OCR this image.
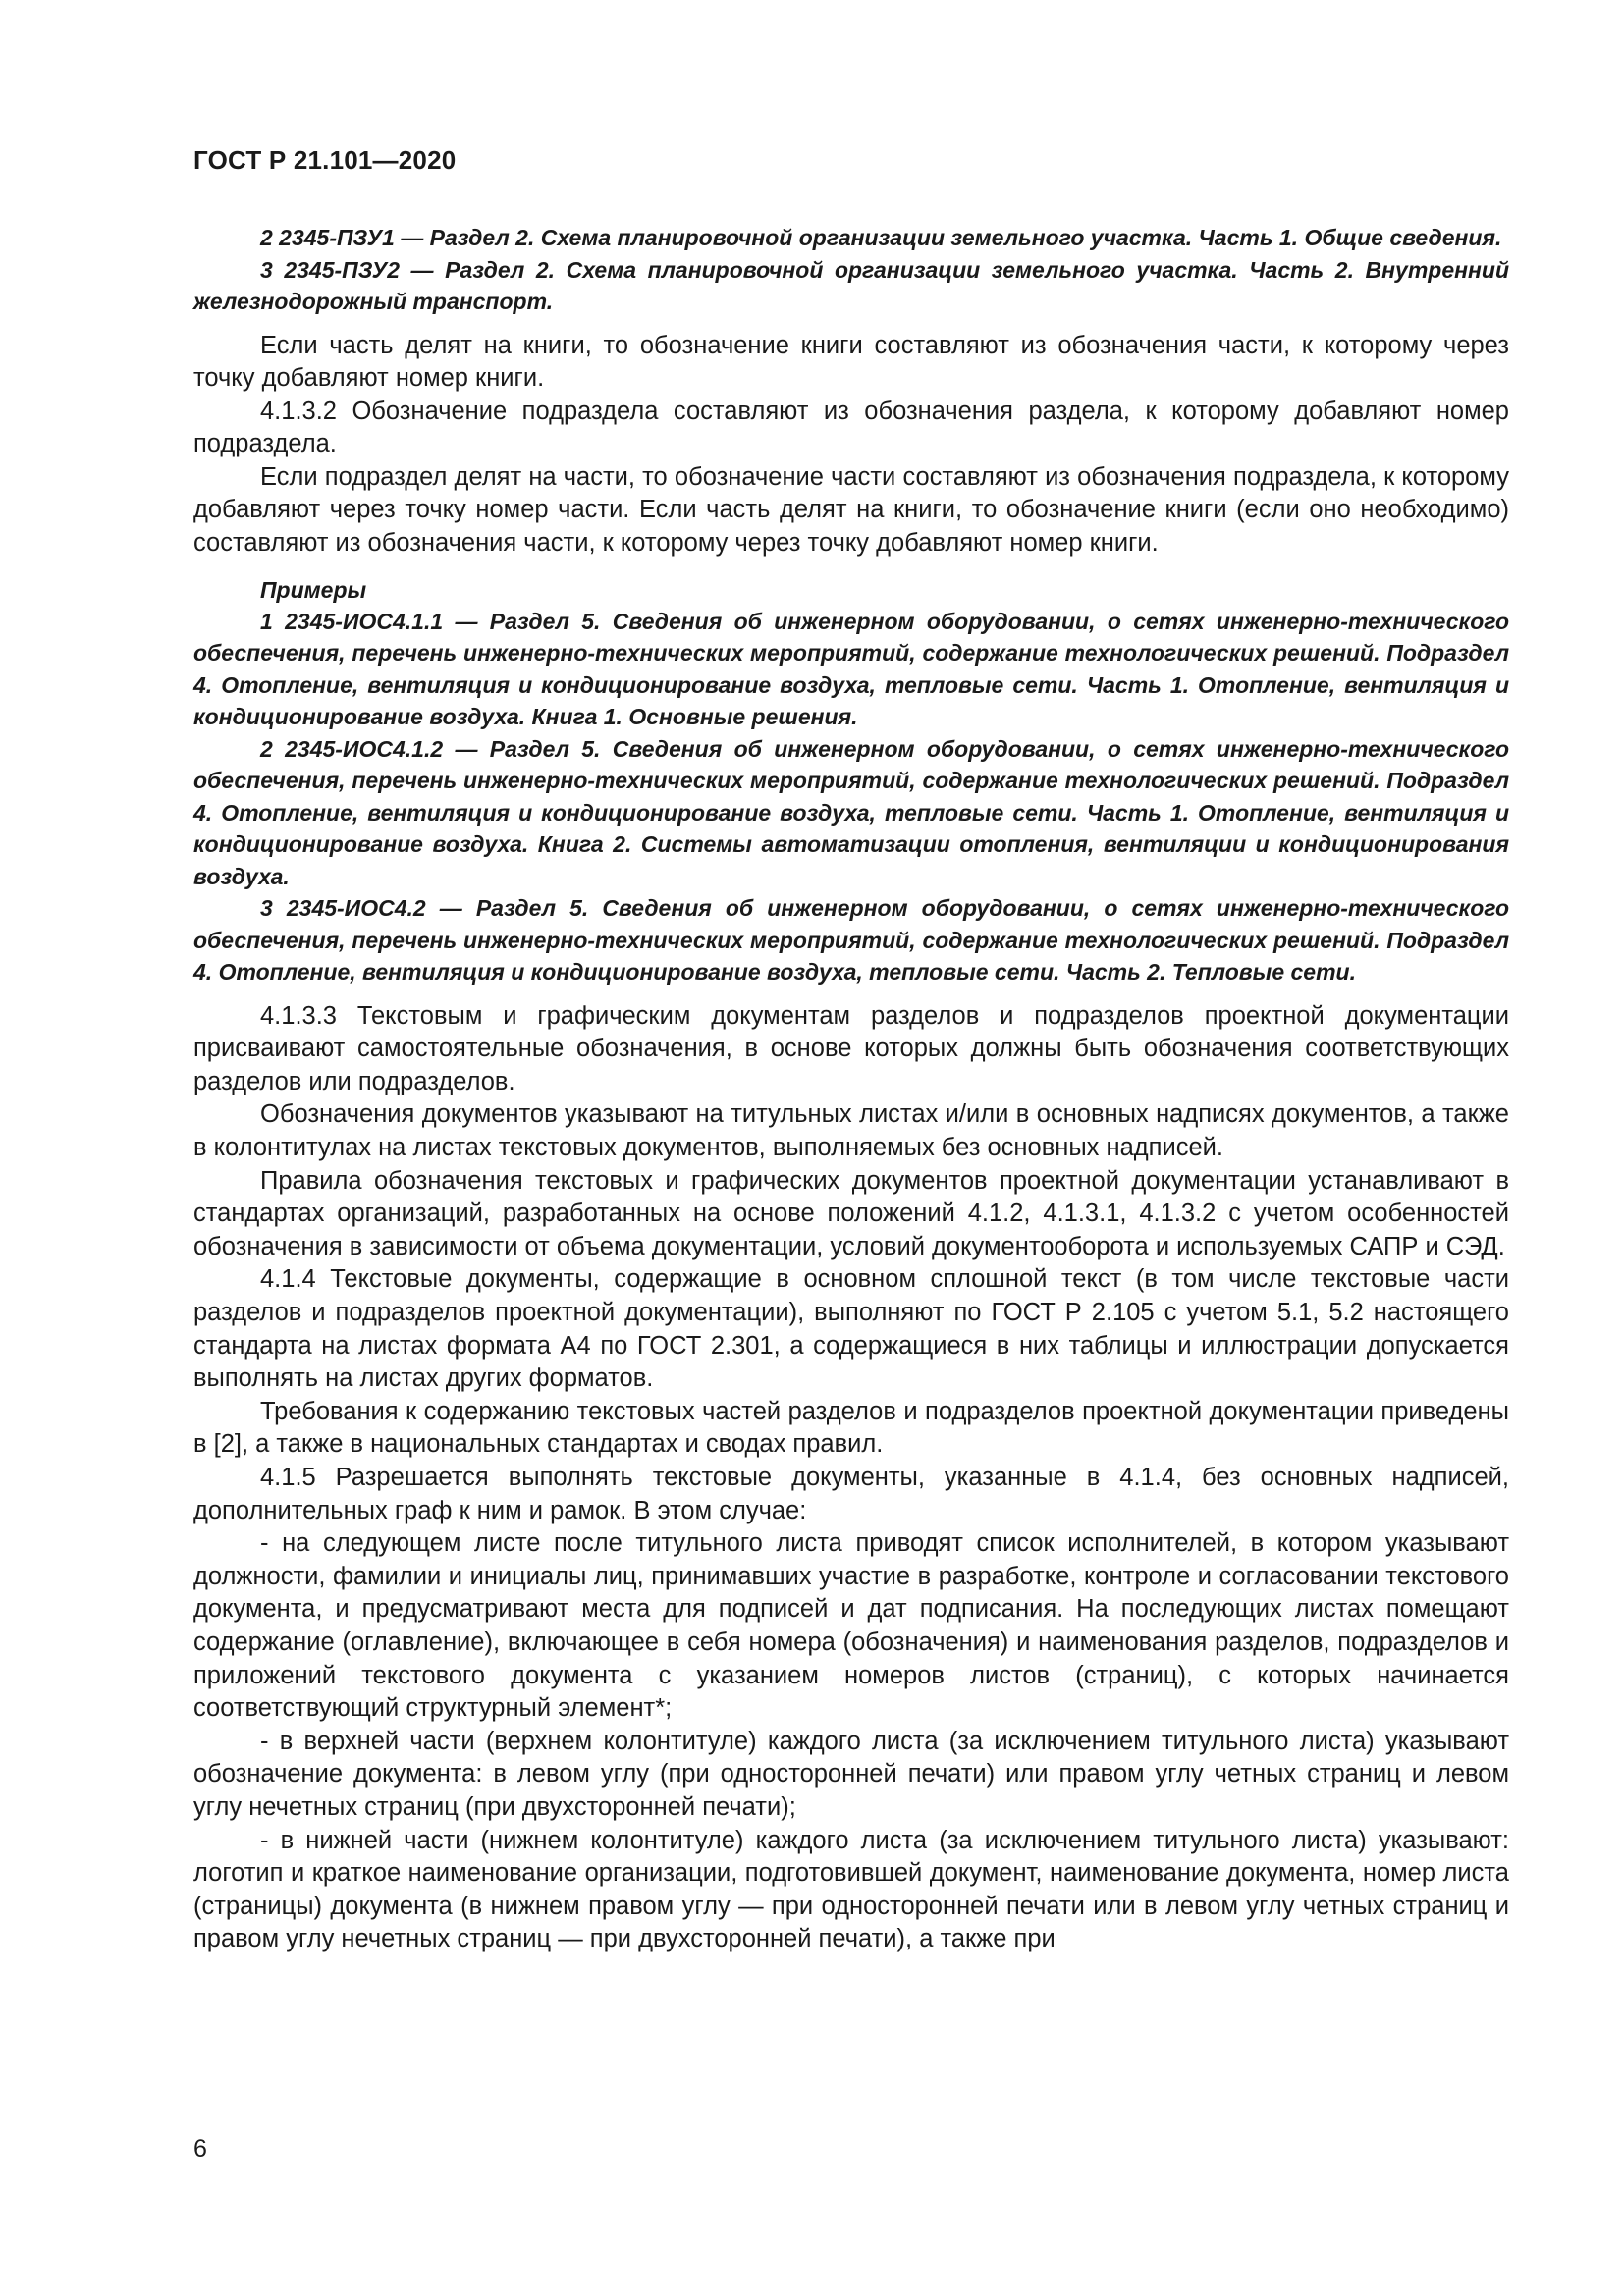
ГОСТ Р 21.101—2020

2 2345-ПЗУ1 — Раздел 2. Схема планировочной организации земельного участка. Часть 1. Общие сведения.

3 2345-ПЗУ2 — Раздел 2. Схема планировочной организации земельного участка. Часть 2. Внутренний железнодорожный транспорт.

Если часть делят на книги, то обозначение книги составляют из обозначения части, к которому через точку добавляют номер книги.

4.1.3.2 Обозначение подраздела составляют из обозначения раздела, к которому добавляют номер подраздела.

Если подраздел делят на части, то обозначение части составляют из обозначения подраздела, к которому добавляют через точку номер части. Если часть делят на книги, то обозначение книги (если оно необходимо) составляют из обозначения части, к которому через точку добавляют номер книги.

Примеры

1 2345-ИОС4.1.1 — Раздел 5. Сведения об инженерном оборудовании, о сетях инженерно-технического обеспечения, перечень инженерно-технических мероприятий, содержание технологических решений. Подраздел 4. Отопление, вентиляция и кондиционирование воздуха, тепловые сети. Часть 1. Отопление, вентиляция и кондиционирование воздуха. Книга 1. Основные решения.

2 2345-ИОС4.1.2 — Раздел 5. Сведения об инженерном оборудовании, о сетях инженерно-технического обеспечения, перечень инженерно-технических мероприятий, содержание технологических решений. Подраздел 4. Отопление, вентиляция и кондиционирование воздуха, тепловые сети. Часть 1. Отопление, вентиляция и кондиционирование воздуха. Книга 2. Системы автоматизации отопления, вентиляции и кондиционирования воздуха.

3 2345-ИОС4.2 — Раздел 5. Сведения об инженерном оборудовании, о сетях инженерно-технического обеспечения, перечень инженерно-технических мероприятий, содержание технологических решений. Подраздел 4. Отопление, вентиляция и кондиционирование воздуха, тепловые сети. Часть 2. Тепловые сети.

4.1.3.3 Текстовым и графическим документам разделов и подразделов проектной документации присваивают самостоятельные обозначения, в основе которых должны быть обозначения соответствующих разделов или подразделов.

Обозначения документов указывают на титульных листах и/или в основных надписях документов, а также в колонтитулах на листах текстовых документов, выполняемых без основных надписей.

Правила обозначения текстовых и графических документов проектной документации устанавливают в стандартах организаций, разработанных на основе положений 4.1.2, 4.1.3.1, 4.1.3.2 с учетом особенностей обозначения в зависимости от объема документации, условий документооборота и используемых САПР и СЭД.

4.1.4 Текстовые документы, содержащие в основном сплошной текст (в том числе текстовые части разделов и подразделов проектной документации), выполняют по ГОСТ Р 2.105 с учетом 5.1, 5.2 настоящего стандарта на листах формата А4 по ГОСТ 2.301, а содержащиеся в них таблицы и иллюстрации допускается выполнять на листах других форматов.

Требования к содержанию текстовых частей разделов и подразделов проектной документации приведены в [2], а также в национальных стандартах и сводах правил.

4.1.5 Разрешается выполнять текстовые документы, указанные в 4.1.4, без основных надписей, дополнительных граф к ним и рамок. В этом случае:

- на следующем листе после титульного листа приводят список исполнителей, в котором указывают должности, фамилии и инициалы лиц, принимавших участие в разработке, контроле и согласовании текстового документа, и предусматривают места для подписей и дат подписания. На последующих листах помещают содержание (оглавление), включающее в себя номера (обозначения) и наименования разделов, подразделов и приложений текстового документа с указанием номеров листов (страниц), с которых начинается соответствующий структурный элемент*;

- в верхней части (верхнем колонтитуле) каждого листа (за исключением титульного листа) указывают обозначение документа: в левом углу (при односторонней печати) или правом углу четных страниц и левом углу нечетных страниц (при двухсторонней печати);

- в нижней части (нижнем колонтитуле) каждого листа (за исключением титульного листа) указывают: логотип и краткое наименование организации, подготовившей документ, наименование документа, номер листа (страницы) документа (в нижнем правом углу — при односторонней печати или в левом углу четных страниц и правом углу нечетных страниц — при двухсторонней печати), а также при

6
